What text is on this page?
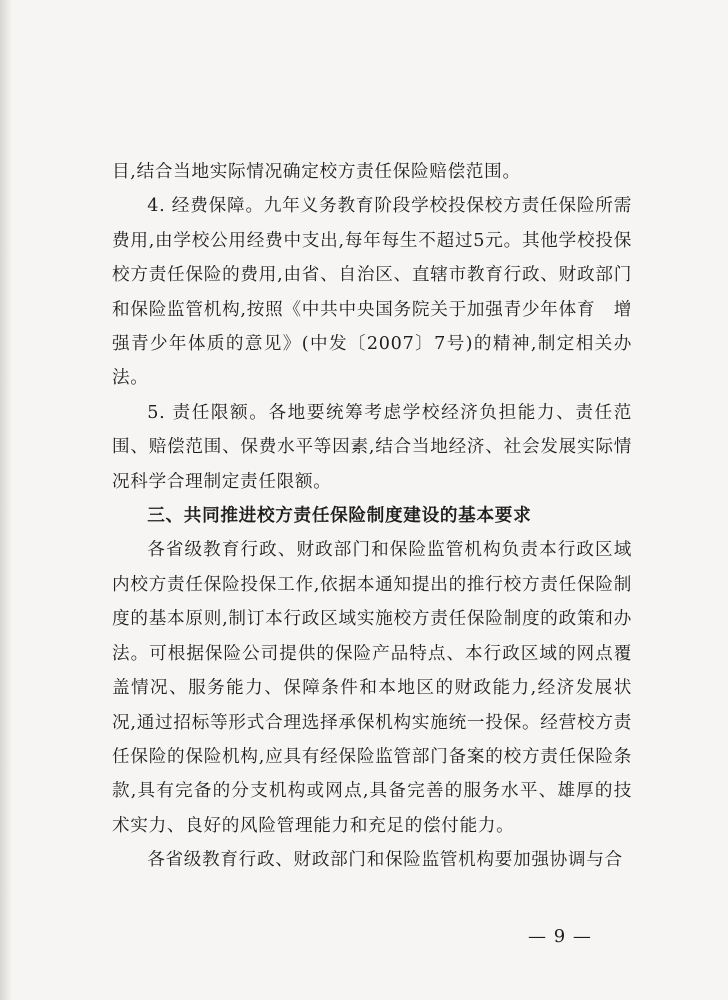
目,结合当地实际情况确定校方责任保险赔偿范围。

4. 经费保障。九年义务教育阶段学校投保校方责任保险所需费用,由学校公用经费中支出,每年每生不超过5元。其他学校投保校方责任保险的费用,由省、自治区、直辖市教育行政、财政部门和保险监管机构,按照《中共中央国务院关于加强青少年体育　增强青少年体质的意见》(中发〔2007〕7号)的精神,制定相关办法。

5. 责任限额。各地要统筹考虑学校经济负担能力、责任范围、赔偿范围、保费水平等因素,结合当地经济、社会发展实际情况科学合理制定责任限额。

三、共同推进校方责任保险制度建设的基本要求

各省级教育行政、财政部门和保险监管机构负责本行政区域内校方责任保险投保工作,依据本通知提出的推行校方责任保险制度的基本原则,制订本行政区域实施校方责任保险制度的政策和办法。可根据保险公司提供的保险产品特点、本行政区域的网点覆盖情况、服务能力、保障条件和本地区的财政能力,经济发展状况,通过招标等形式合理选择承保机构实施统一投保。经营校方责任保险的保险机构,应具有经保险监管部门备案的校方责任保险条款,具有完备的分支机构或网点,具备完善的服务水平、雄厚的技术实力、良好的风险管理能力和充足的偿付能力。

各省级教育行政、财政部门和保险监管机构要加强协调与合

— 9 —
